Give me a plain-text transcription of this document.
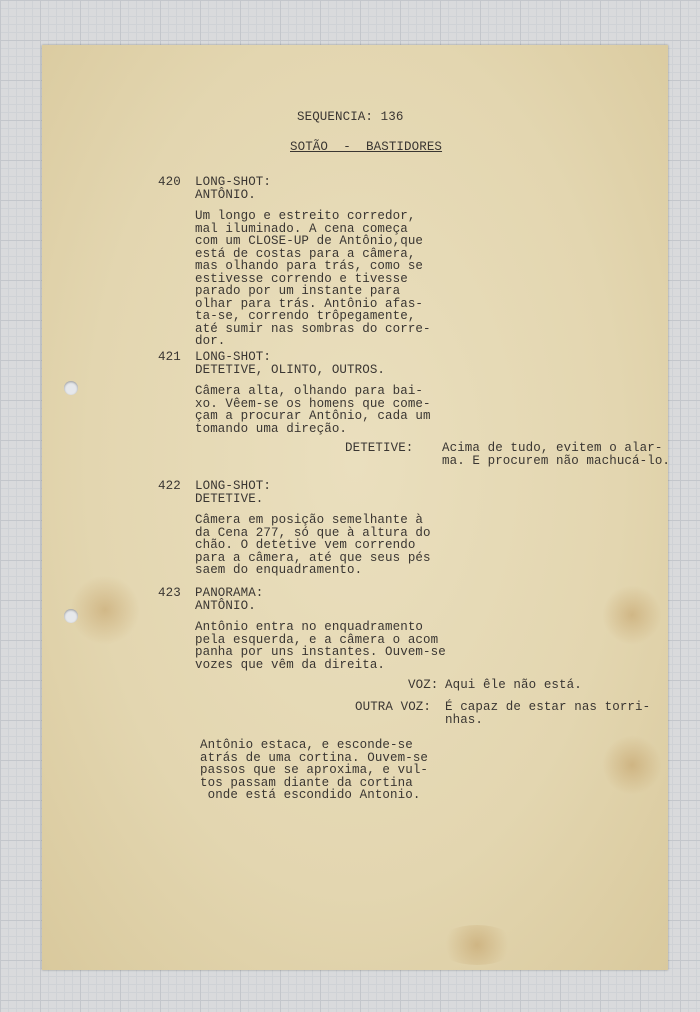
SEQUENCIA: 136
SOTÃO  -  BASTIDORES
420 LONG-SHOT:
ANTÔNIO.
Um longo e estreito corredor,
mal iluminado. A cena começa
com um CLOSE-UP de Antônio,que
está de costas para a câmera,
mas olhando para trás, como se
estivesse correndo e tivesse
parado por um instante para
olhar para trás. Antônio afas-
ta-se, correndo trôpegamente,
até sumir nas sombras do corre-
dor.
421 LONG-SHOT:
DETETIVE, OLINTO, OUTROS.
Câmera alta, olhando para bai-
xo. Vêem-se os homens que come-
çam a procurar Antônio, cada um
tomando uma direção.
DETETIVE: Acima de tudo, evitem o alar-
ma. E procurem não machucá-lo.
422 LONG-SHOT:
DETETIVE.
Câmera em posição semelhante à
da Cena 277, só que à altura do
chão. O detetive vem correndo
para a câmera, até que seus pés
saem do enquadramento.
423 PANORAMA:
ANTÔNIO.
Antônio entra no enquadramento
pela esquerda, e a câmera o acom
panha por uns instantes. Ouvem-se
vozes que vêm da direita.
VOZ: Aqui êle não está.
OUTRA VOZ: É capaz de estar nas torri-
nhas.
Antônio estaca, e esconde-se
atrás de uma cortina. Ouvem-se
passos que se aproxima, e vul-
tos passam diante da cortina
onde está escondido Antonio.
